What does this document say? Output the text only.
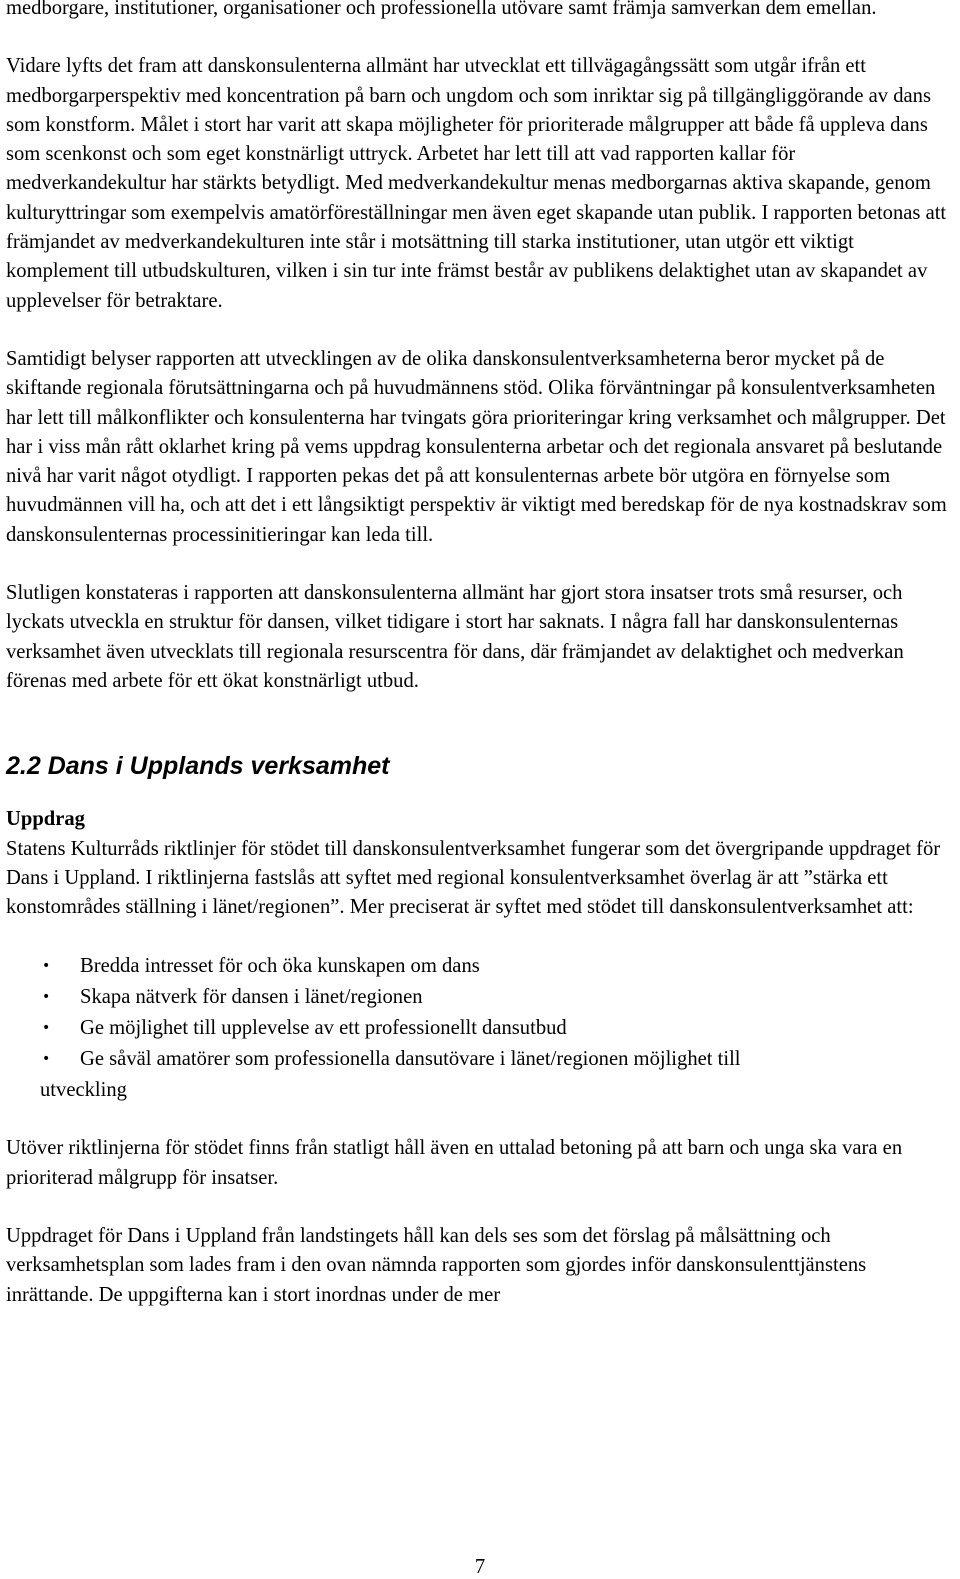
medborgare, institutioner, organisationer och professionella utövare samt främja samverkan dem emellan.

Vidare lyfts det fram att danskonsulenterna allmänt har utvecklat ett tillvägagångssätt som utgår ifrån ett medborgarperspektiv med koncentration på barn och ungdom och som inriktar sig på tillgängliggörande av dans som konstform. Målet i stort har varit att skapa möjligheter för prioriterade målgrupper att både få uppleva dans som scenkonst och som eget konstnärligt uttryck. Arbetet har lett till att vad rapporten kallar för medverkandekultur har stärkts betydligt. Med medverkandekultur menas medborgarnas aktiva skapande, genom kulturyttringar som exempelvis amatörföreställningar men även eget skapande utan publik. I rapporten betonas att främjandet av medverkandekulturen inte står i motsättning till starka institutioner, utan utgör ett viktigt komplement till utbudskulturen, vilken i sin tur inte främst består av publikens delaktighet utan av skapandet av upplevelser för betraktare.

Samtidigt belyser rapporten att utvecklingen av de olika danskonsulentverksamheterna beror mycket på de skiftande regionala förutsättningarna och på huvudmännens stöd. Olika förväntningar på konsulentverksamheten har lett till målkonflikter och konsulenterna har tvingats göra prioriteringar kring verksamhet och målgrupper. Det har i viss mån rått oklarhet kring på vems uppdrag konsulenterna arbetar och det regionala ansvaret på beslutande nivå har varit något otydligt. I rapporten pekas det på att konsulenternas arbete bör utgöra en förnyelse som huvudmännen vill ha, och att det i ett långsiktigt perspektiv är viktigt med beredskap för de nya kostnadskrav som danskonsulenternas processinitieringar kan leda till.

Slutligen konstateras i rapporten att danskonsulenterna allmänt har gjort stora insatser trots små resurser, och lyckats utveckla en struktur för dansen, vilket tidigare i stort har saknats. I några fall har danskonsulenternas verksamhet även utvecklats till regionala resurscentra för dans, där främjandet av delaktighet och medverkan förenas med arbete för ett ökat konstnärligt utbud.

2.2 Dans i Upplands verksamhet
Uppdrag

Statens Kulturråds riktlinjer för stödet till danskonsulentverksamhet fungerar som det övergripande uppdraget för Dans i Uppland. I riktlinjerna fastslås att syftet med regional konsulentverksamhet överlag är att ”stärka ett konstområdes ställning i länet/regionen”. Mer preciserat är syftet med stödet till danskonsulentverksamhet att:

• Bredda intresset för och öka kunskapen om dans
• Skapa nätverk för dansen i länet/regionen
• Ge möjlighet till upplevelse av ett professionellt dansutbud
•	Ge såväl amatörer som professionella dansutövare i länet/regionen möjlighet till
utveckling

Utöver riktlinjerna för stödet finns från statligt håll även en uttalad betoning på att barn och unga ska vara en prioriterad målgrupp för insatser.

Uppdraget för Dans i Uppland från landstingets håll kan dels ses som det förslag på målsättning och verksamhetsplan som lades fram i den ovan nämnda rapporten som gjordes inför danskonsulenttjänstens inrättande. De uppgifterna kan i stort inordnas under de mer

7
